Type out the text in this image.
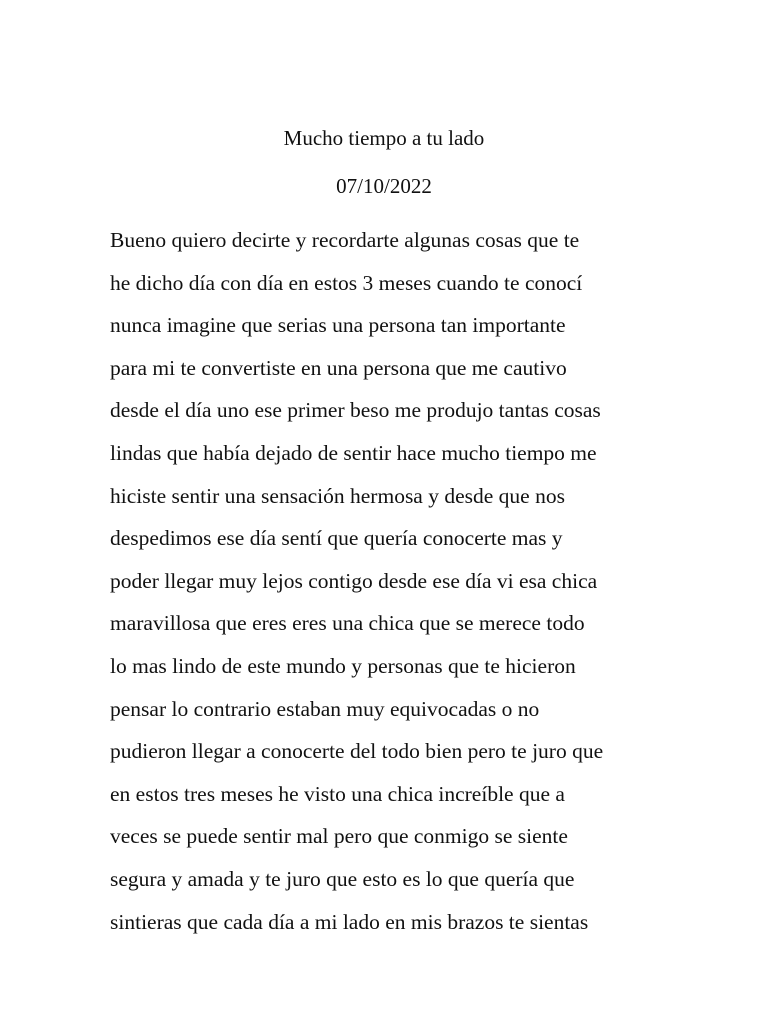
Mucho tiempo a tu lado
07/10/2022
Bueno quiero decirte y recordarte algunas cosas que te
he dicho día con día en estos 3 meses cuando te conocí
nunca imagine que serias una persona tan importante
para mi te convertiste en una persona que me cautivo
desde el día uno ese primer beso me produjo tantas cosas
lindas que había dejado de sentir hace mucho tiempo me
hiciste sentir una sensación hermosa y desde que nos
despedimos ese día sentí que quería conocerte mas y
poder llegar muy lejos contigo desde ese día vi esa chica
maravillosa que eres eres una chica que se merece todo
lo mas lindo de este mundo y personas que te hicieron
pensar lo contrario estaban muy equivocadas o no
pudieron llegar a conocerte del todo bien pero te juro que
en estos tres meses he visto una chica increíble que a
veces se puede sentir mal pero que conmigo se siente
segura y amada y te juro que esto es lo que quería que
sintieras que cada día a mi lado en mis brazos te sientas
